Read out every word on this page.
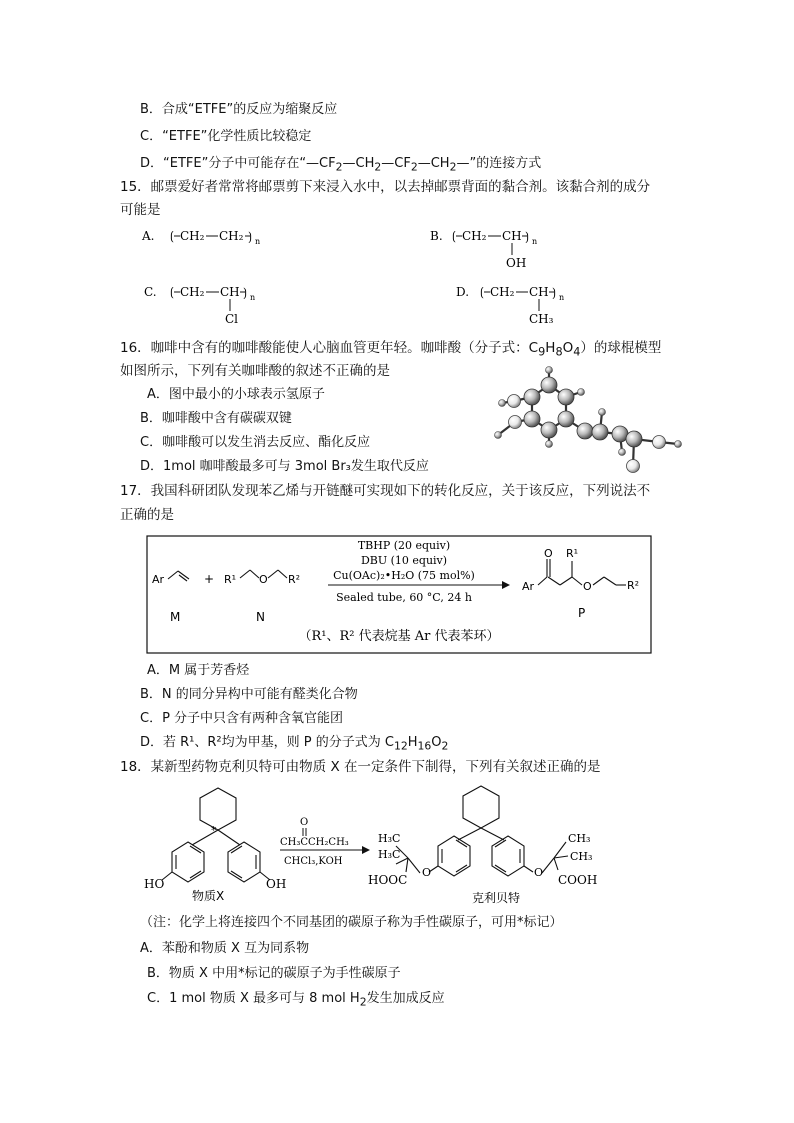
B．合成“ETFE”的反应为缩聚反应
C．“ETFE”化学性质比较稳定
D．“ETFE”分子中可能存在“$—CF_2—CH_2—CF_2—CH_2—$”的连接方式
15．邮票爱好者常常将邮票剪下来浸入水中，以去掉邮票背面的黏合剂。该黏合剂的成分
可能是
A. ⟮ CH₂ CH₂ ⟯ n	B. ⟮ CH₂ CH ⟯ n
OH
C. ⟮ CH₂ CH ⟯ n
Cl
D. ⟮ CH₂ CH ⟯ n
CH₃
16．咖啡中含有的咖啡酸能使人心脑血管更年轻。咖啡酸（分子式：$C_9H_8O_4$）的球棍模型
如图所示，下列有关咖啡酸的叙述不正确的是
A．图中最小的小球表示氢原子
B．咖啡酸中含有碳碳双键
C．咖啡酸可以发生消去反应、酯化反应
D．1mol 咖啡酸最多可与 3mol Br₃发生取代反应
17．我国科研团队发现苯乙烯与开链醚可实现如下的转化反应，关于该反应，下列说法不
正确的是
Ar
M
+ R¹ O R²
N
TBHP (20 equiv)
DBU (10 equiv)
Cu(OAc)₂•H₂O (75 mol%)
Sealed tube, 60 °C, 24 h
Ar
O R¹
O	R²
P
（R¹、R² 代表烷基 Ar 代表苯环）
A．M 属于芳香烃
B．N 的同分异构中可能有醛类化合物
C．P 分子中只含有两种含氧官能团
D．若 R¹、R²均为甲基，则 P 的分子式为 $C_{12}H_{16}O_2$
18．某新型药物克利贝特可由物质 X 在一定条件下制得，下列有关叙述正确的是
*
HO	OH
物质X
O
CH₃CCH₂CH₃
CHCl₃,KOH
O	O
H₃C
H₃C
HOOC
CH₃
CH₃
COOH
克利贝特
（注：化学上将连接四个不同基团的碳原子称为手性碳原子，可用*标记）
A．苯酚和物质 X 互为同系物
B．物质 X 中用*标记的碳原子为手性碳原子
C．1 mol 物质 X 最多可与 8 mol $H_2$发生加成反应
